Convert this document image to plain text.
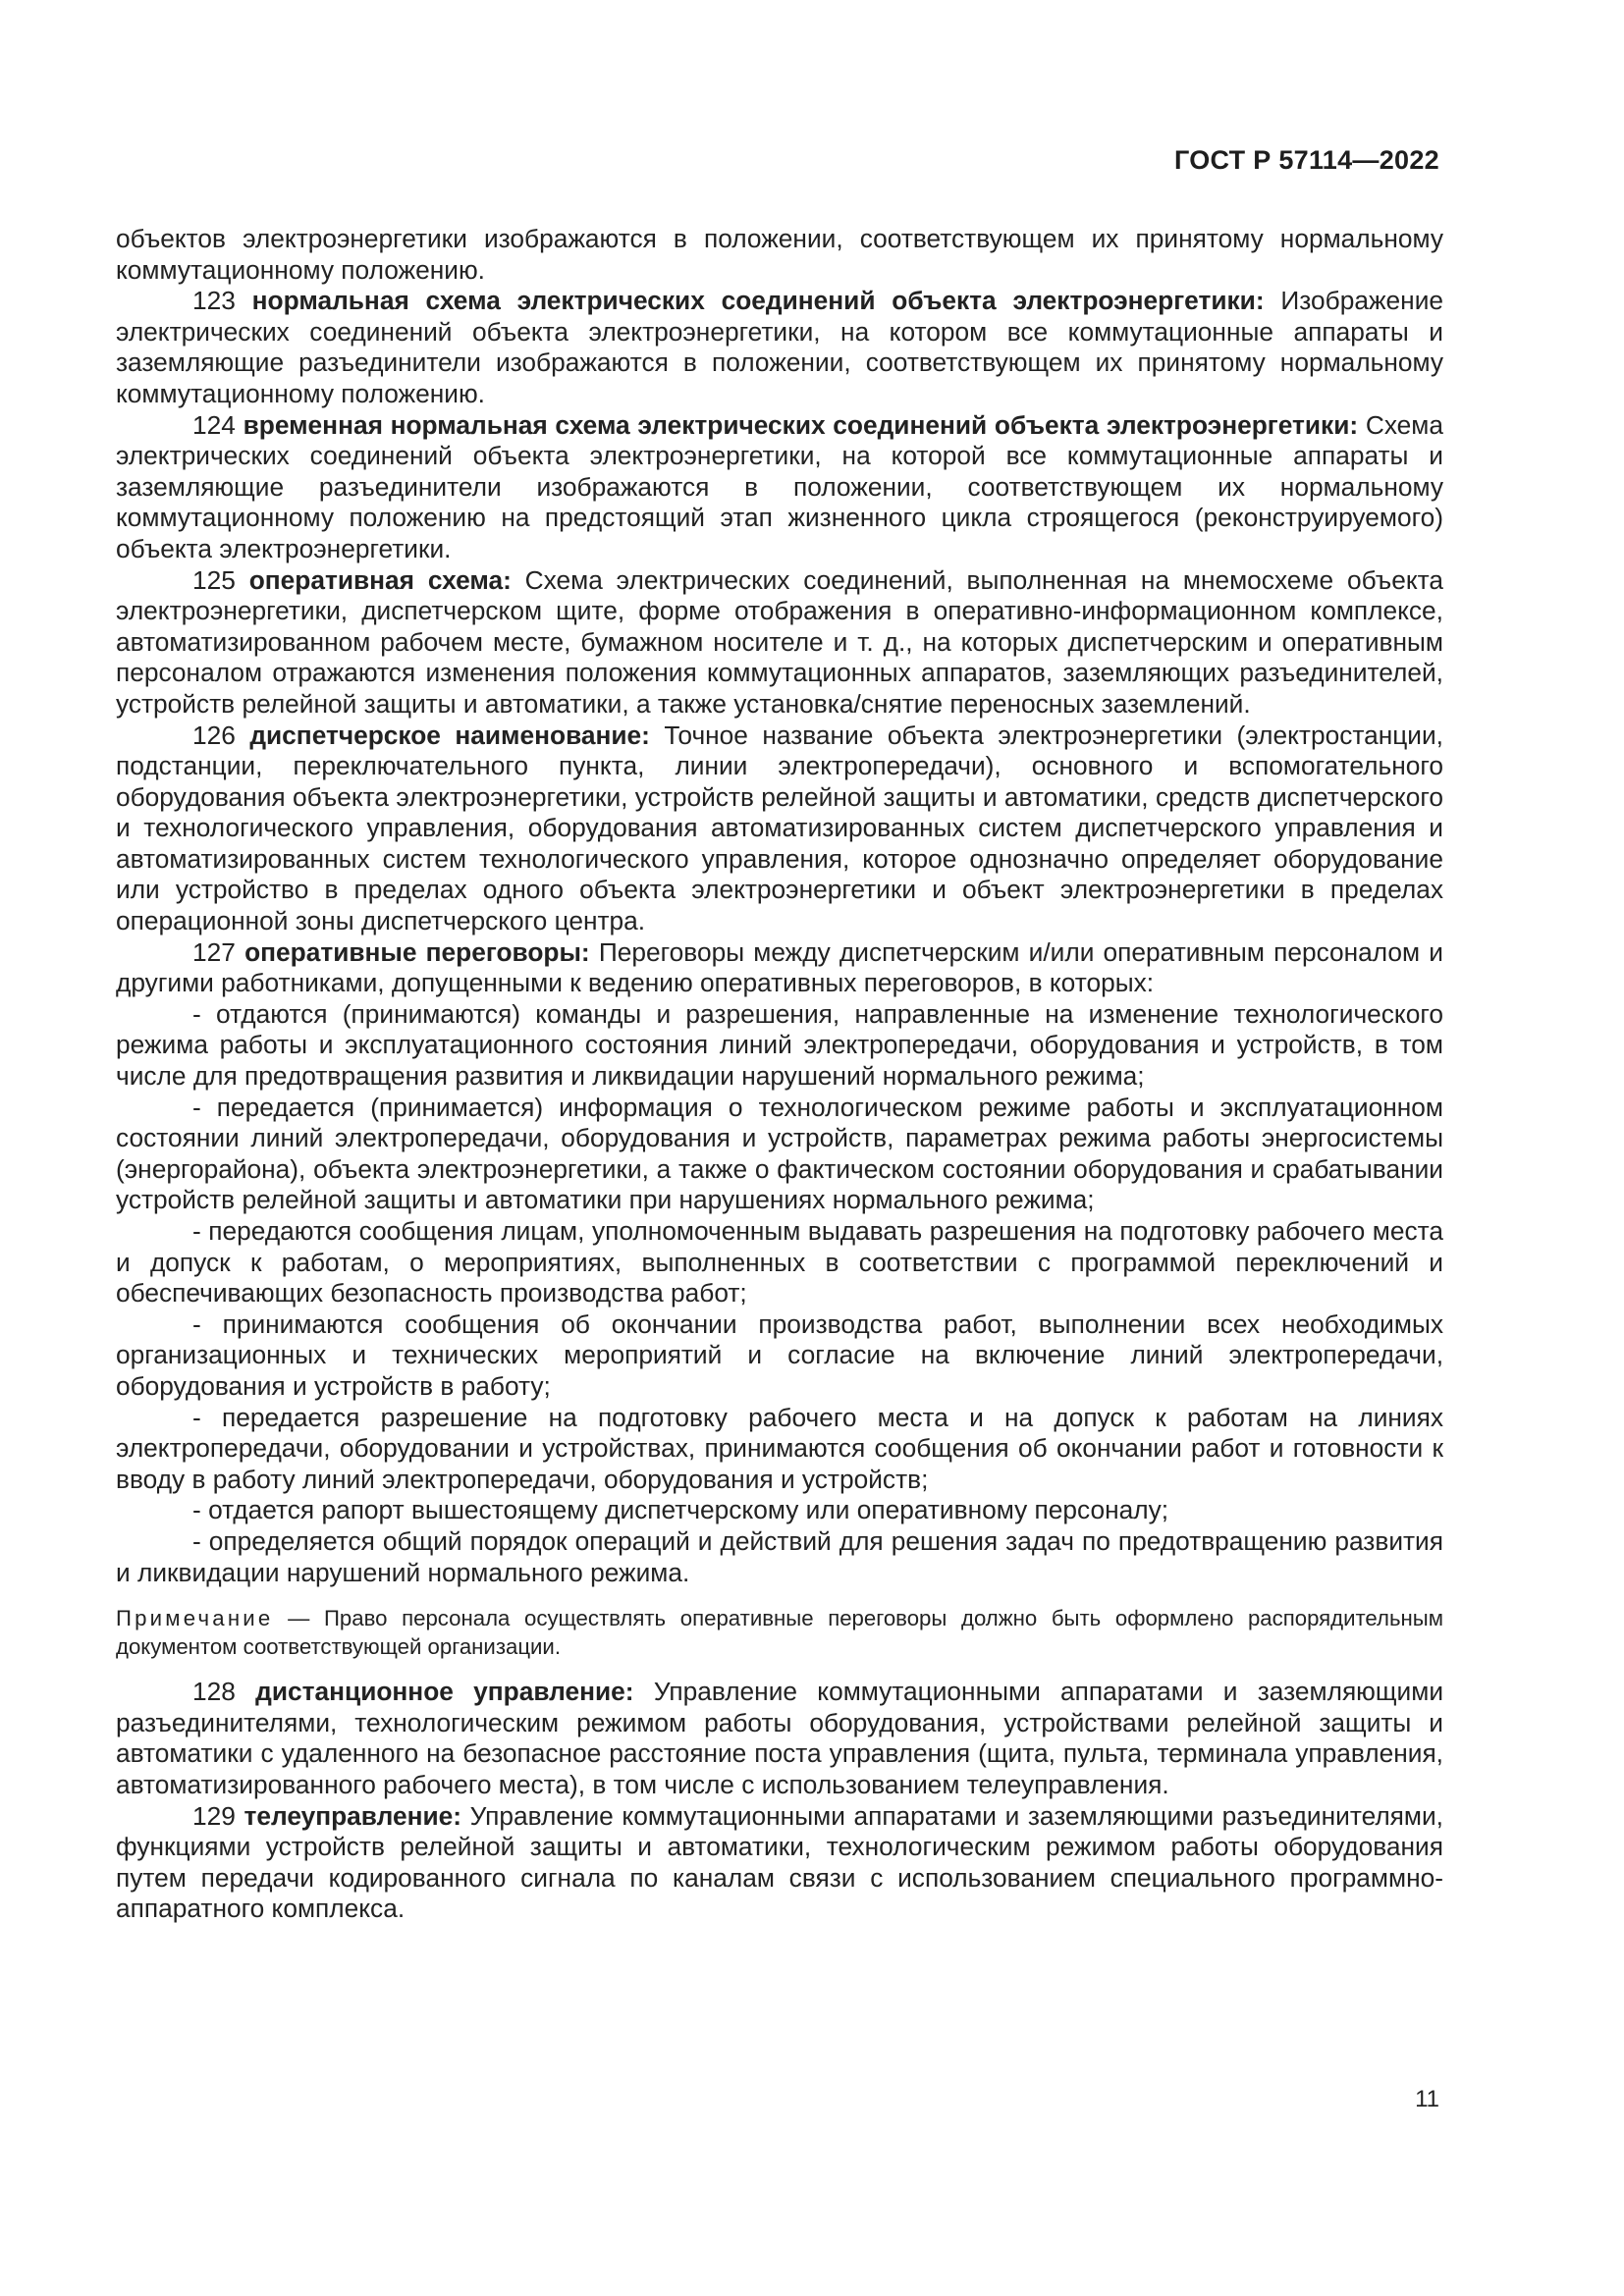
ГОСТ Р 57114—2022

объектов электроэнергетики изображаются в положении, соответствующем их принятому нормальному коммутационному положению.

123 нормальная схема электрических соединений объекта электроэнергетики: Изображение электрических соединений объекта электроэнергетики, на котором все коммутационные аппараты и заземляющие разъединители изображаются в положении, соответствующем их принятому нормальному коммутационному положению.

124 временная нормальная схема электрических соединений объекта электроэнергетики: Схема электрических соединений объекта электроэнергетики, на которой все коммутационные аппараты и заземляющие разъединители изображаются в положении, соответствующем их нормальному коммутационному положению на предстоящий этап жизненного цикла строящегося (реконструируемого) объекта электроэнергетики.

125 оперативная схема: Схема электрических соединений, выполненная на мнемосхеме объекта электроэнергетики, диспетчерском щите, форме отображения в оперативно-информационном комплексе, автоматизированном рабочем месте, бумажном носителе и т. д., на которых диспетчерским и оперативным персоналом отражаются изменения положения коммутационных аппаратов, заземляющих разъединителей, устройств релейной защиты и автоматики, а также установка/снятие переносных заземлений.

126 диспетчерское наименование: Точное название объекта электроэнергетики (электростанции, подстанции, переключательного пункта, линии электропередачи), основного и вспомогательного оборудования объекта электроэнергетики, устройств релейной защиты и автоматики, средств диспетчерского и технологического управления, оборудования автоматизированных систем диспетчерского управления и автоматизированных систем технологического управления, которое однозначно определяет оборудование или устройство в пределах одного объекта электроэнергетики и объект электроэнергетики в пределах операционной зоны диспетчерского центра.

127 оперативные переговоры: Переговоры между диспетчерским и/или оперативным персоналом и другими работниками, допущенными к ведению оперативных переговоров, в которых:

- отдаются (принимаются) команды и разрешения, направленные на изменение технологического режима работы и эксплуатационного состояния линий электропередачи, оборудования и устройств, в том числе для предотвращения развития и ликвидации нарушений нормального режима;

- передается (принимается) информация о технологическом режиме работы и эксплуатационном состоянии линий электропередачи, оборудования и устройств, параметрах режима работы энергосистемы (энергорайона), объекта электроэнергетики, а также о фактическом состоянии оборудования и срабатывании устройств релейной защиты и автоматики при нарушениях нормального режима;

- передаются сообщения лицам, уполномоченным выдавать разрешения на подготовку рабочего места и допуск к работам, о мероприятиях, выполненных в соответствии с программой переключений и обеспечивающих безопасность производства работ;

- принимаются сообщения об окончании производства работ, выполнении всех необходимых организационных и технических мероприятий и согласие на включение линий электропередачи, оборудования и устройств в работу;

- передается разрешение на подготовку рабочего места и на допуск к работам на линиях электропередачи, оборудовании и устройствах, принимаются сообщения об окончании работ и готовности к вводу в работу линий электропередачи, оборудования и устройств;

- отдается рапорт вышестоящему диспетчерскому или оперативному персоналу;

- определяется общий порядок операций и действий для решения задач по предотвращению развития и ликвидации нарушений нормального режима.

Примечание — Право персонала осуществлять оперативные переговоры должно быть оформлено распорядительным документом соответствующей организации.

128 дистанционное управление: Управление коммутационными аппаратами и заземляющими разъединителями, технологическим режимом работы оборудования, устройствами релейной защиты и автоматики с удаленного на безопасное расстояние поста управления (щита, пульта, терминала управления, автоматизированного рабочего места), в том числе с использованием телеуправления.

129 телеуправление: Управление коммутационными аппаратами и заземляющими разъединителями, функциями устройств релейной защиты и автоматики, технологическим режимом работы оборудования путем передачи кодированного сигнала по каналам связи с использованием специального программно-аппаратного комплекса.

11
